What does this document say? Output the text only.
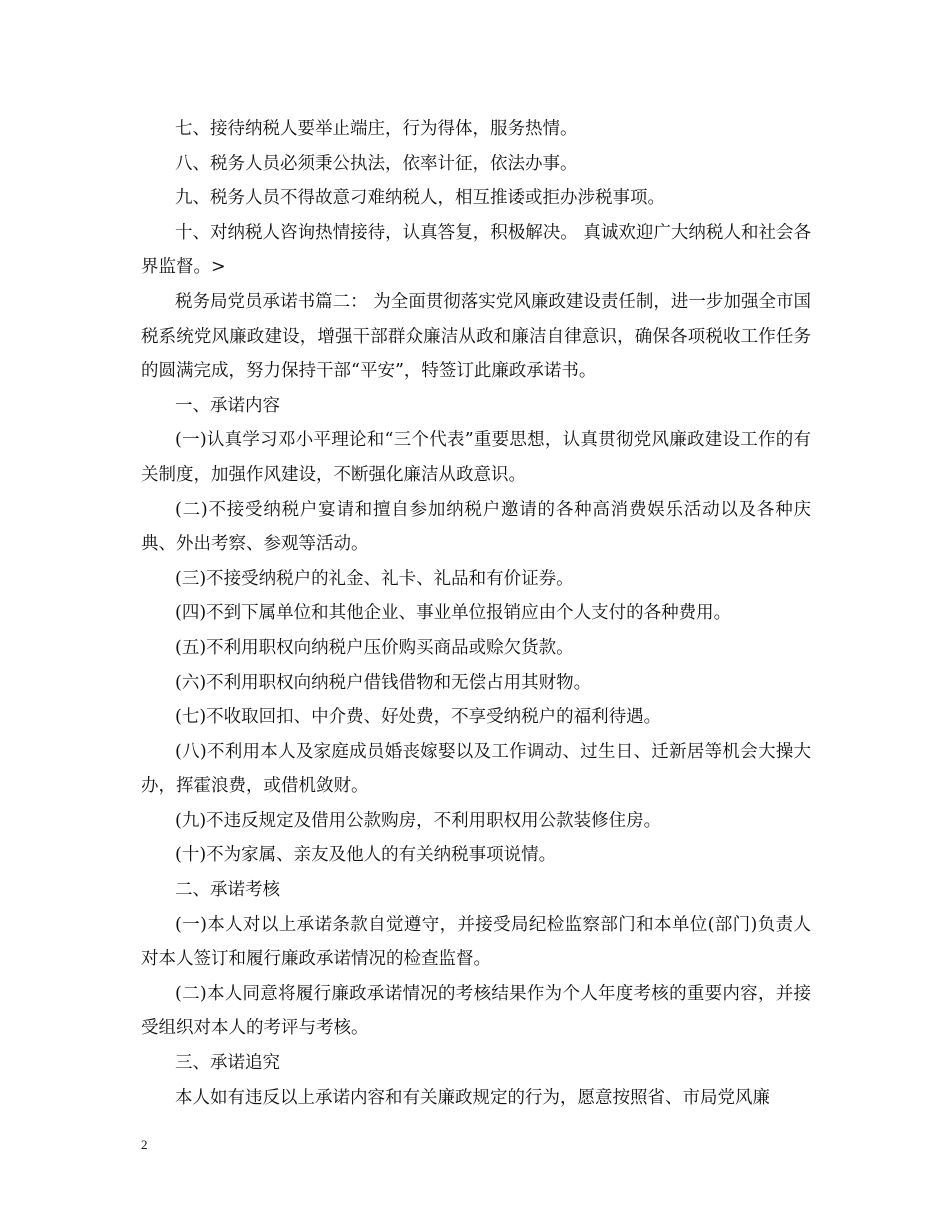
七、接待纳税人要举止端庄，行为得体，服务热情。

八、税务人员必须秉公执法，依率计征，依法办事。

九、税务人员不得故意刁难纳税人，相互推诿或拒办涉税事项。

十、对纳税人咨询热情接待，认真答复，积极解决。 真诚欢迎广大纳税人和社会各界监督。>

税务局党员承诺书篇二： 为全面贯彻落实党风廉政建设责任制，进一步加强全市国税系统党风廉政建设，增强干部群众廉洁从政和廉洁自律意识，确保各项税收工作任务的圆满完成，努力保持干部“平安”，特签订此廉政承诺书。

一、承诺内容

(一)认真学习邓小平理论和“三个代表”重要思想，认真贯彻党风廉政建设工作的有关制度，加强作风建设，不断强化廉洁从政意识。

(二)不接受纳税户宴请和擅自参加纳税户邀请的各种高消费娱乐活动以及各种庆典、外出考察、参观等活动。

(三)不接受纳税户的礼金、礼卡、礼品和有价证券。

(四)不到下属单位和其他企业、事业单位报销应由个人支付的各种费用。

(五)不利用职权向纳税户压价购买商品或赊欠货款。

(六)不利用职权向纳税户借钱借物和无偿占用其财物。

(七)不收取回扣、中介费、好处费，不享受纳税户的福利待遇。

(八)不利用本人及家庭成员婚丧嫁娶以及工作调动、过生日、迁新居等机会大操大办，挥霍浪费，或借机敛财。

(九)不违反规定及借用公款购房，不利用职权用公款装修住房。

(十)不为家属、亲友及他人的有关纳税事项说情。

二、承诺考核

(一)本人对以上承诺条款自觉遵守，并接受局纪检监察部门和本单位(部门)负责人对本人签订和履行廉政承诺情况的检查监督。

(二)本人同意将履行廉政承诺情况的考核结果作为个人年度考核的重要内容，并接受组织对本人的考评与考核。

三、承诺追究

本人如有违反以上承诺内容和有关廉政规定的行为，愿意按照省、市局党风廉

2
